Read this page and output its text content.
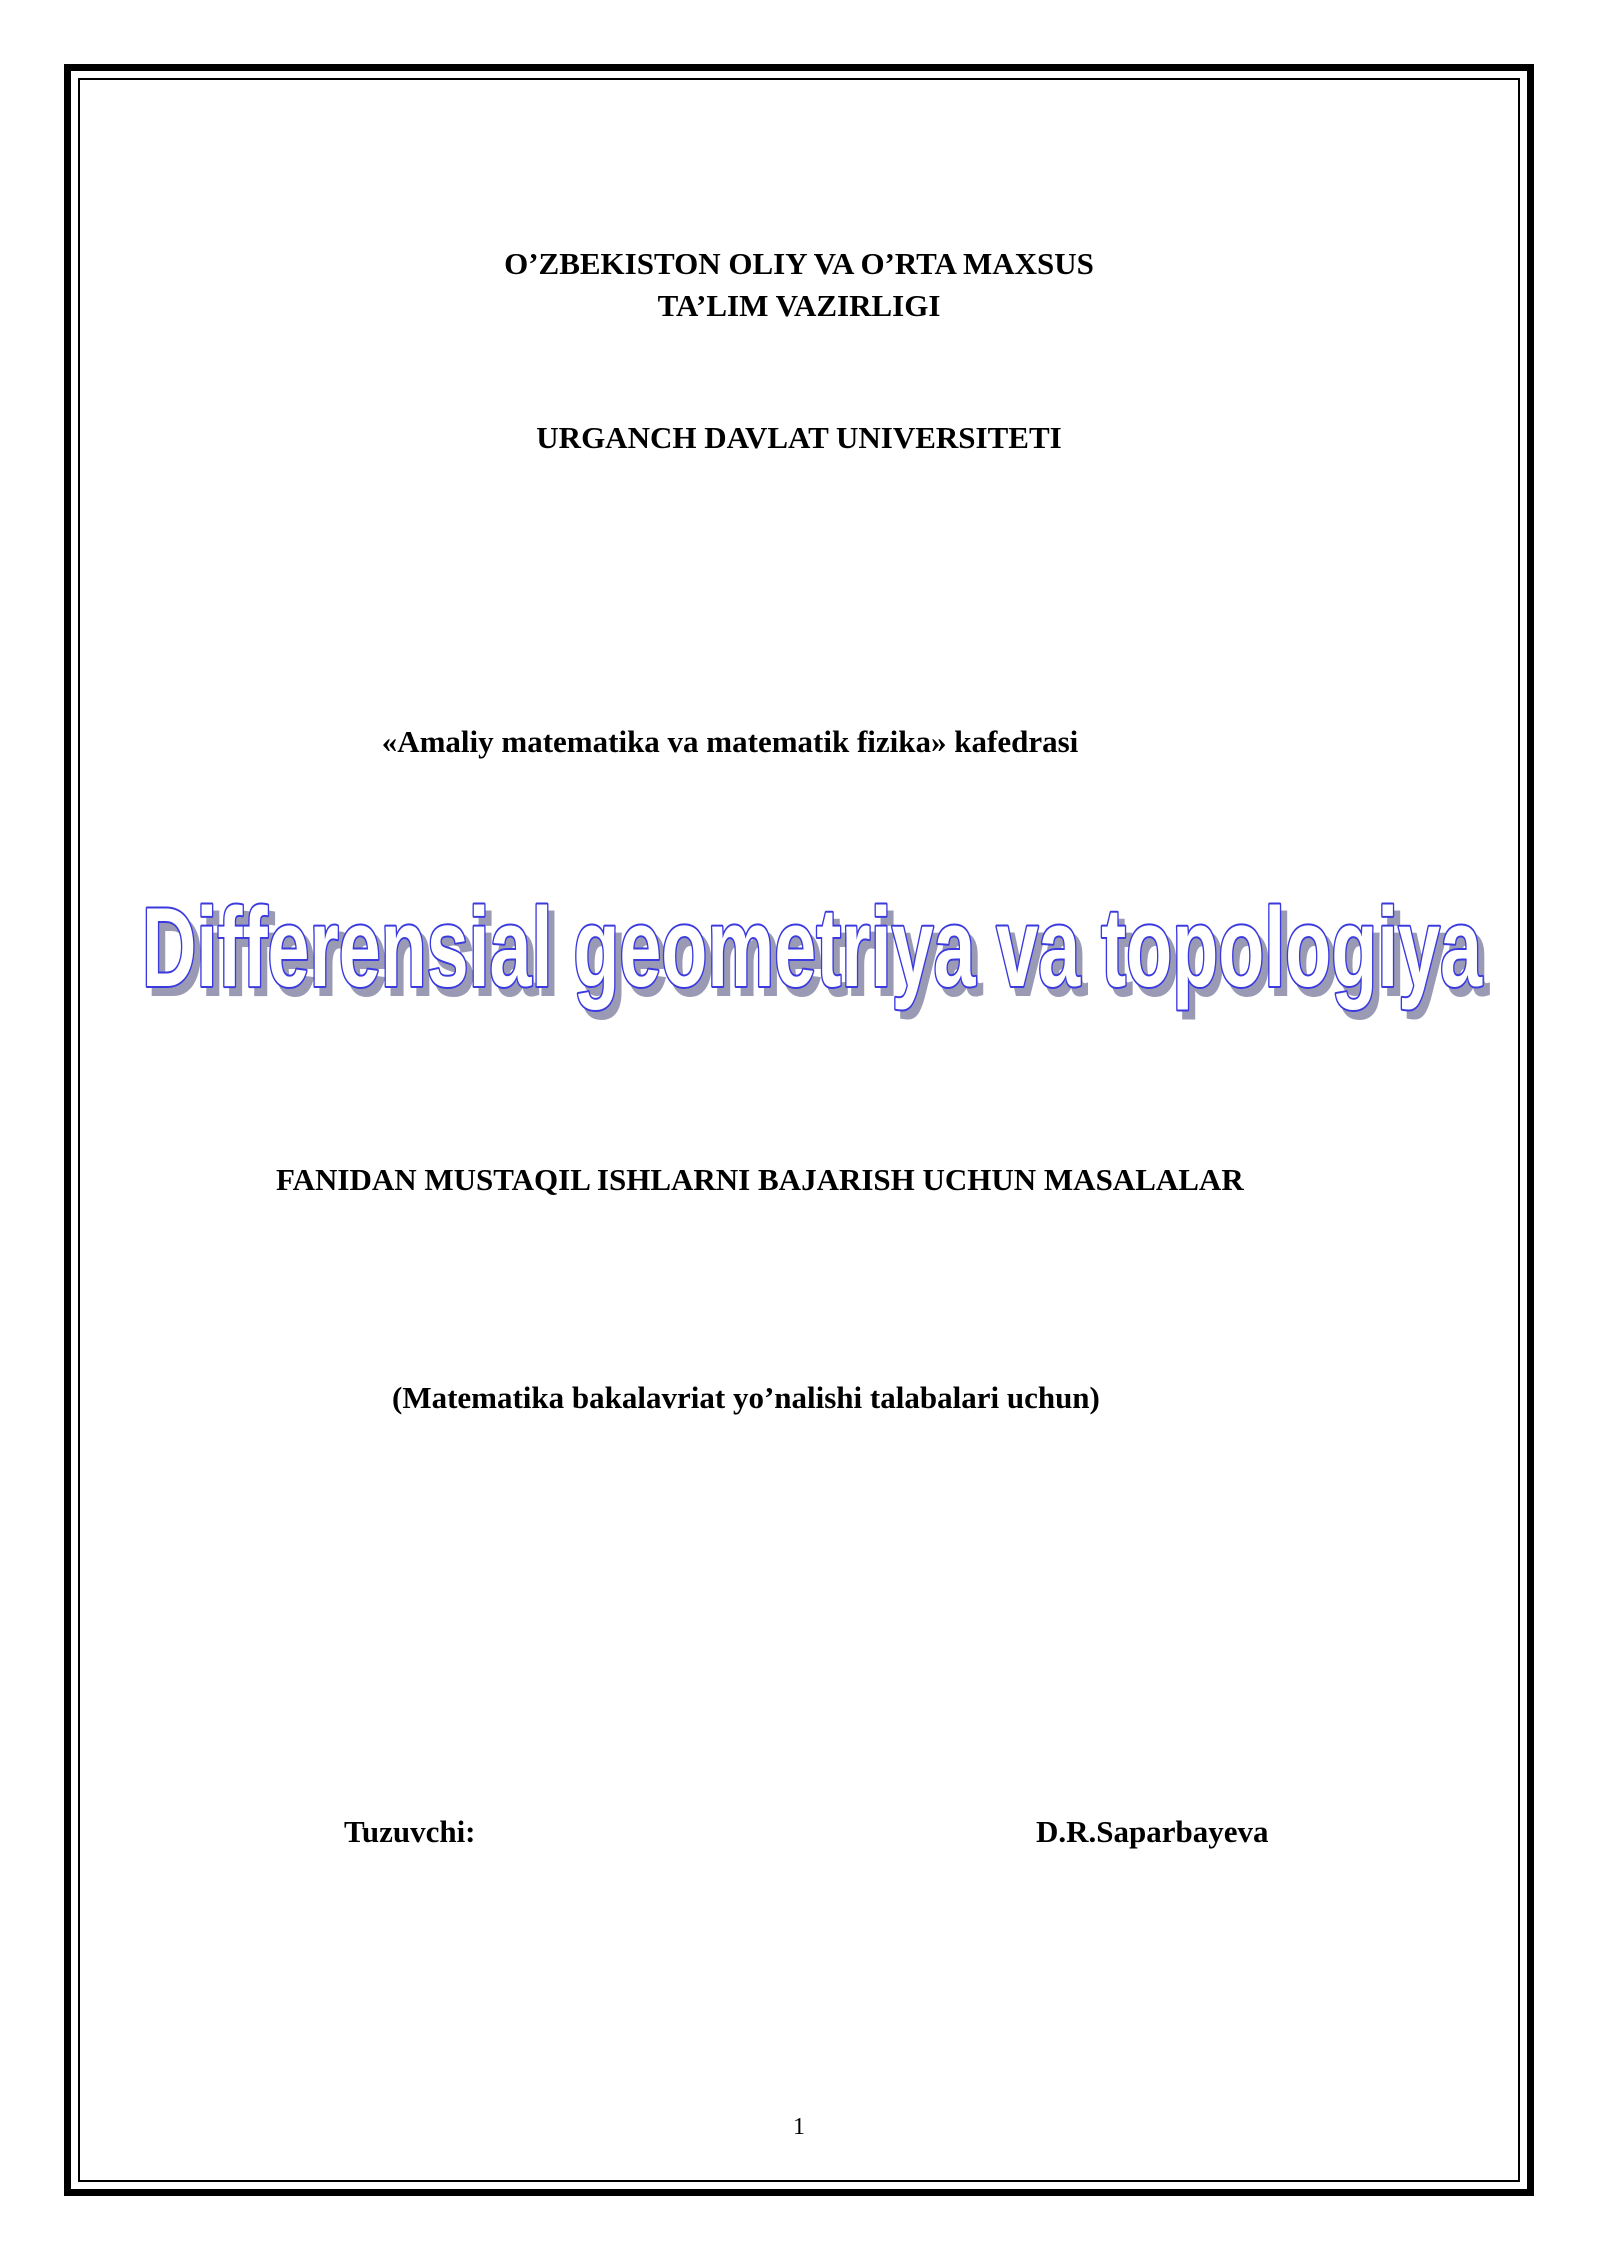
O’ZBEKISTON OLIY VA O’RTA MAXSUS
TA’LIM VAZIRLIGI
URGANCH DAVLAT UNIVERSITETI
«Amaliy matematika va matematik fizika» kafedrasi
Differensial geometriya va topologiya
Differensial geometriya va topologiya
FANIDAN MUSTAQIL ISHLARNI BAJARISH UCHUN MASALALAR
(Matematika bakalavriat yo’nalishi talabalari uchun)
Tuzuvchi:	D.R.Saparbayeva
1
